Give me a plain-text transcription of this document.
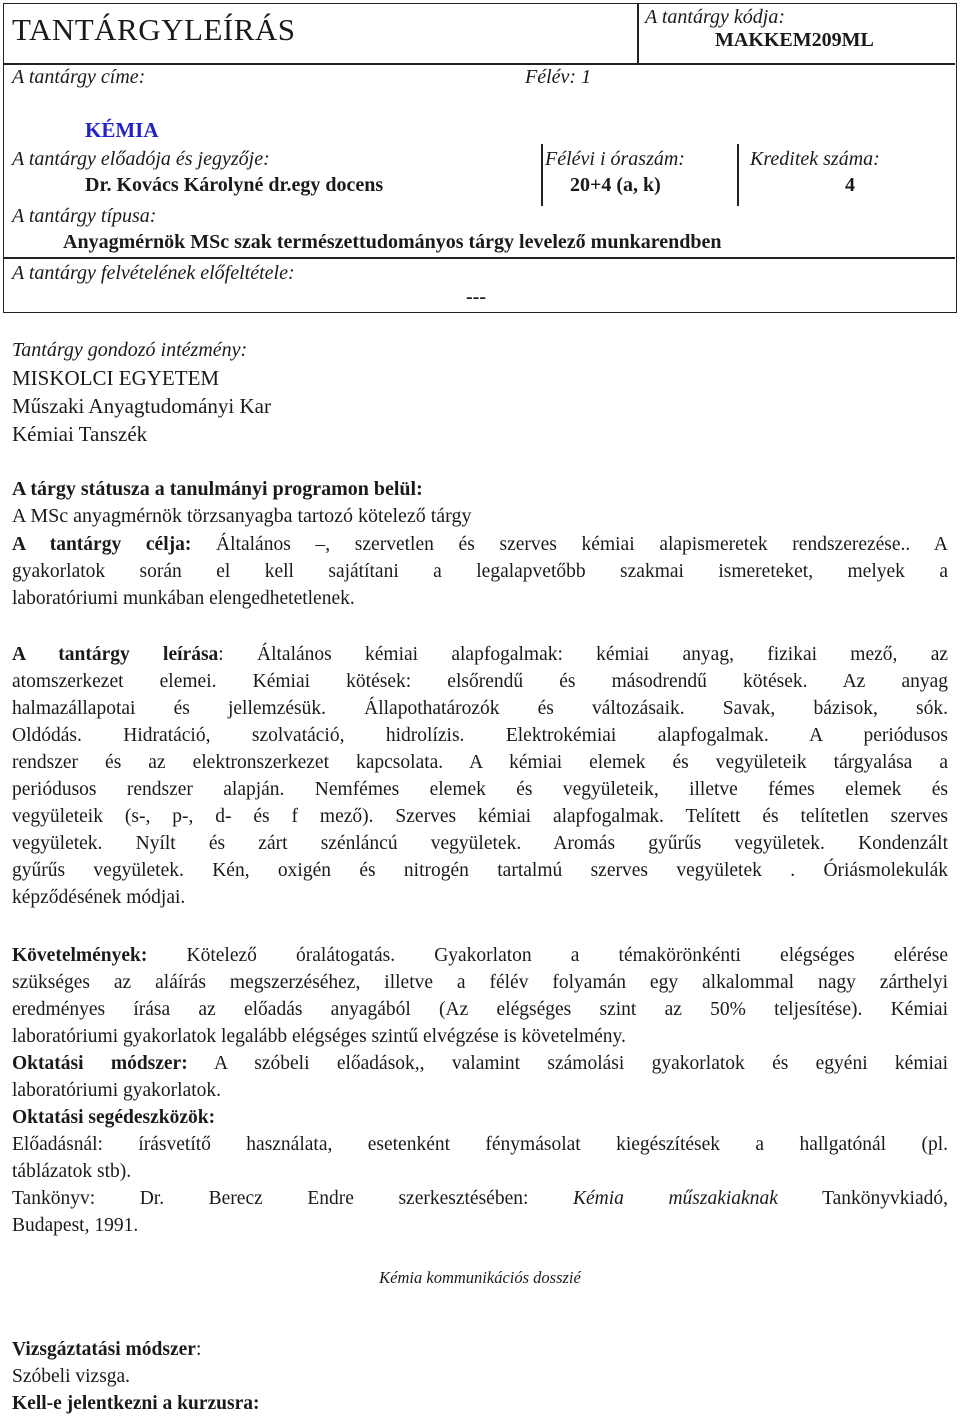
TANTÁRGYLEÍRÁS	A tantárgy kódja:
MAKKEM209ML
A tantárgy címe:	Félév: 1
KÉMIA
A tantárgy előadója és jegyzője:
Dr. Kovács Károlyné dr.egy docens
Félévi i óraszám:
20+4 (a, k)
Kreditek száma:
4
A tantárgy típusa:
Anyagmérnök MSc szak természettudományos tárgy levelező munkarendben
A tantárgy felvételének előfeltétele:
---
Tantárgy gondozó intézmény:
MISKOLCI EGYETEM
Műszaki Anyagtudományi Kar
Kémiai Tanszék
A tárgy státusza a tanulmányi programon belül:
A MSc anyagmérnök törzsanyagba tartozó kötelező tárgy
A tantárgy célja: Általános –, szervetlen és szerves kémiai alapismeretek rendszerezése.. A
gyakorlatok során el kell sajátítani a legalapvetőbb szakmai ismereteket, melyek a
laboratóriumi munkában elengedhetetlenek.
A tantárgy leírása: Általános kémiai alapfogalmak: kémiai anyag, fizikai mező, az
atomszerkezet elemei. Kémiai kötések: elsőrendű és másodrendű kötések. Az anyag
halmazállapotai és jellemzésük. Állapothatározók és változásaik. Savak, bázisok, sók.
Oldódás. Hidratáció, szolvatáció, hidrolízis. Elektrokémiai alapfogalmak. A periódusos
rendszer és az elektronszerkezet kapcsolata. A kémiai elemek és vegyületeik tárgyalása a
periódusos rendszer alapján. Nemfémes elemek és vegyületeik, illetve fémes elemek és
vegyületeik (s-, p-, d- és f mező). Szerves kémiai alapfogalmak. Telített és telítetlen szerves
vegyületek. Nyílt és zárt szénláncú vegyületek. Aromás gyűrűs vegyületek. Kondenzált
gyűrűs vegyületek. Kén, oxigén és nitrogén tartalmú szerves vegyületek . Óriásmolekulák
képződésének módjai.
Követelmények: Kötelező óralátogatás. Gyakorlaton a témakörönkénti elégséges elérése
szükséges az aláírás megszerzéséhez, illetve a félév folyamán egy alkalommal nagy zárthelyi
eredményes írása az előadás anyagából (Az elégséges szint az 50% teljesítése). Kémiai
laboratóriumi gyakorlatok legalább elégséges szintű elvégzése is követelmény.
Oktatási módszer: A szóbeli előadások,, valamint számolási gyakorlatok és egyéni kémiai
laboratóriumi gyakorlatok.
Oktatási segédeszközök:
Előadásnál: írásvetítő használata, esetenként fénymásolat kiegészítések a hallgatónál (pl.
táblázatok stb).
Tankönyv: Dr. Berecz Endre szerkesztésében: Kémia műszakiaknak Tankönyvkiadó,
Budapest, 1991.
Kémia kommunikációs dosszié
Vizsgáztatási módszer:
Szóbeli vizsga.
Kell-e jelentkezni a kurzusra:
